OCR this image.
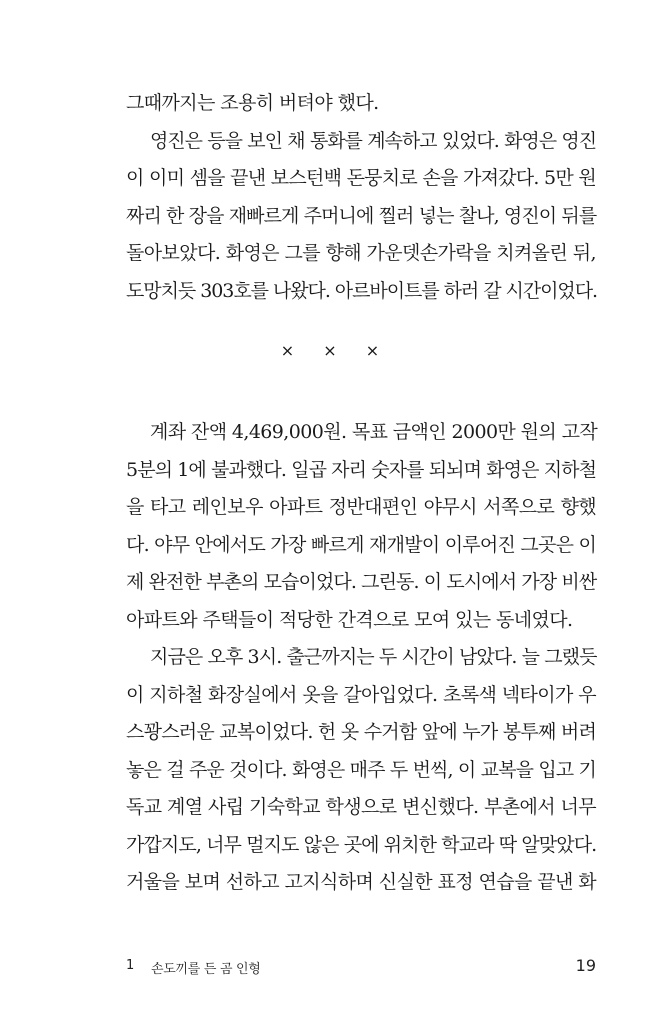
그때까지는 조용히 버텨야 했다.
영진은 등을 보인 채 통화를 계속하고 있었다. 화영은 영진
이 이미 셈을 끝낸 보스턴백 돈뭉치로 손을 가져갔다. 5만 원
짜리 한 장을 재빠르게 주머니에 찔러 넣는 찰나, 영진이 뒤를
돌아보았다. 화영은 그를 향해 가운뎃손가락을 치켜올린 뒤,
도망치듯 303호를 나왔다. 아르바이트를 하러 갈 시간이었다.
× × ×
계좌 잔액 4,469,000원. 목표 금액인 2000만 원의 고작
5분의 1에 불과했다. 일곱 자리 숫자를 되뇌며 화영은 지하철
을 타고 레인보우 아파트 정반대편인 야무시 서쪽으로 향했
다. 야무 안에서도 가장 빠르게 재개발이 이루어진 그곳은 이
제 완전한 부촌의 모습이었다. 그린동. 이 도시에서 가장 비싼
아파트와 주택들이 적당한 간격으로 모여 있는 동네였다.
지금은 오후 3시. 출근까지는 두 시간이 남았다. 늘 그랬듯
이 지하철 화장실에서 옷을 갈아입었다. 초록색 넥타이가 우
스꽝스러운 교복이었다. 헌 옷 수거함 앞에 누가 봉투째 버려
놓은 걸 주운 것이다. 화영은 매주 두 번씩, 이 교복을 입고 기
독교 계열 사립 기숙학교 학생으로 변신했다. 부촌에서 너무
가깝지도, 너무 멀지도 않은 곳에 위치한 학교라 딱 알맞았다.
거울을 보며 선하고 고지식하며 신실한 표정 연습을 끝낸 화
1 손도끼를 든 곰 인형	19
